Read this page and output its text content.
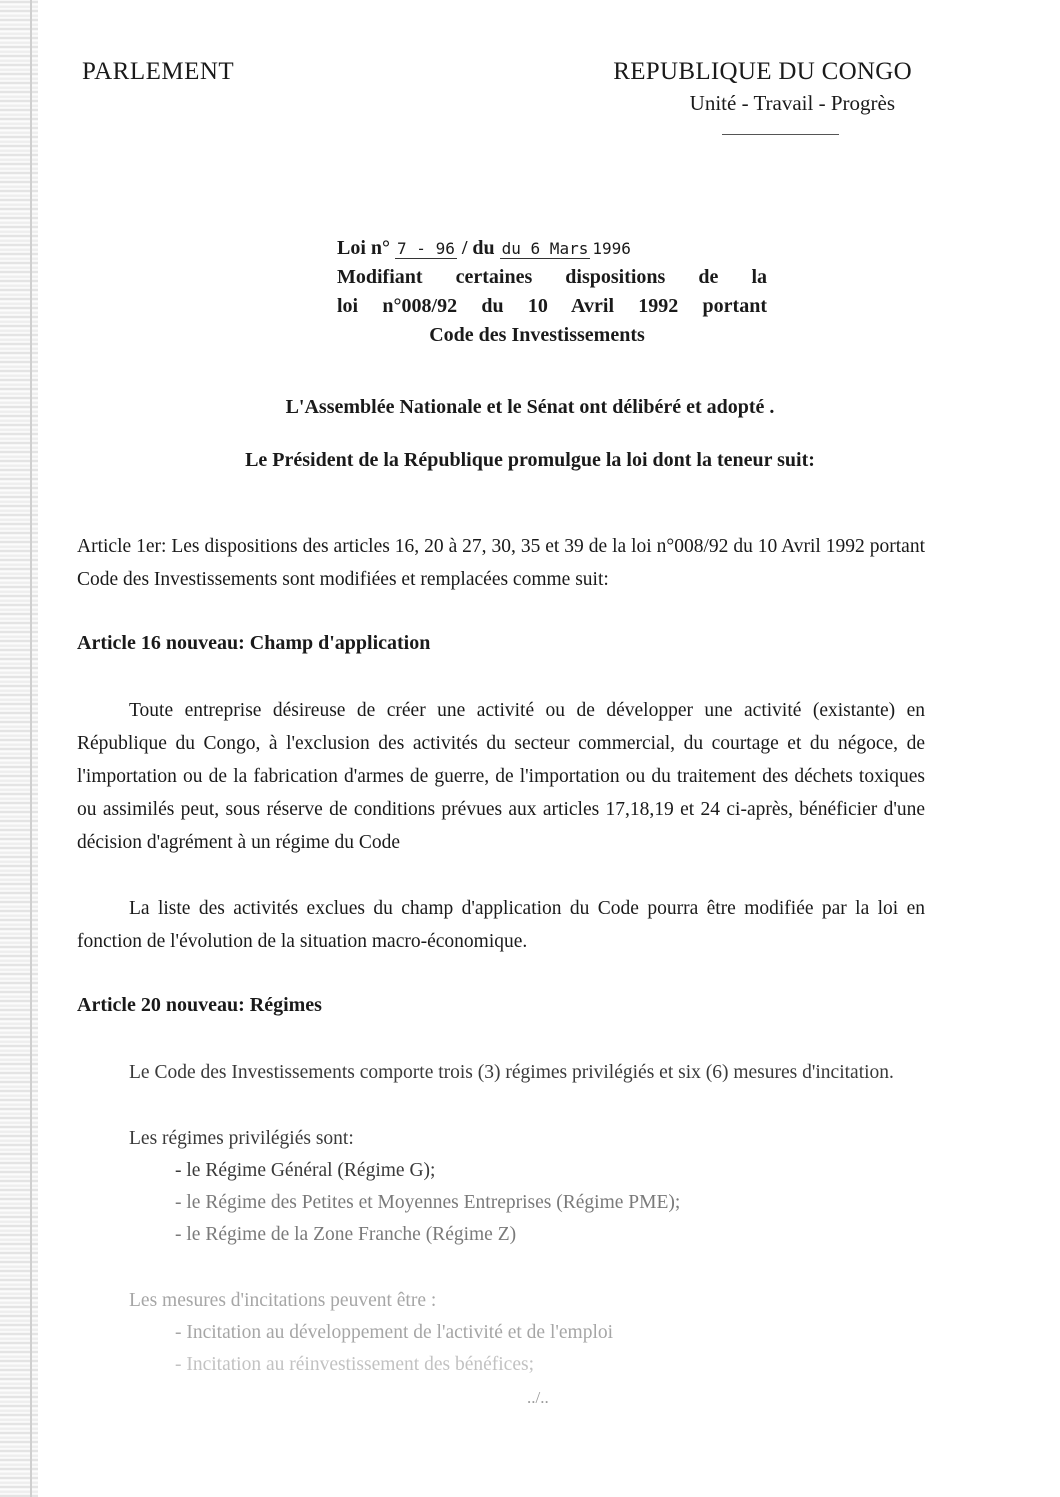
PARLEMENT	REPUBLIQUE DU CONGO
Unité - Travail - Progrès
Loi n° 7 - 96 / du du 6 Mars 1996
Modifiant certaines dispositions de la
loi n°008/92 du 10 Avril 1992 portant
Code des Investissements
L'Assemblée Nationale et le Sénat ont délibéré et adopté .
Le Président de la République promulgue la loi dont la teneur suit:
Article 1er: Les dispositions des articles 16, 20 à 27, 30, 35 et 39 de la loi n°008/92 du 10 Avril 1992 portant Code des Investissements sont modifiées et remplacées comme suit:
Article 16 nouveau: Champ d'application
Toute entreprise désireuse de créer une activité ou de développer une activité (existante) en République du Congo, à l'exclusion des activités du secteur commercial, du courtage et du négoce, de l'importation ou de la fabrication d'armes de guerre, de l'importation ou du traitement des déchets toxiques ou assimilés peut, sous réserve de conditions prévues aux articles 17,18,19 et 24 ci-après, bénéficier d'une décision d'agrément à un régime du Code
La liste des activités exclues du champ d'application du Code pourra être modifiée par la loi en fonction de l'évolution de la situation macro-économique.
Article 20 nouveau: Régimes
Le Code des Investissements comporte trois (3) régimes privilégiés et six (6) mesures d'incitation.
Les régimes privilégiés sont:
- le Régime Général (Régime G);
- le Régime des Petites et Moyennes Entreprises (Régime PME);
- le Régime de la Zone Franche (Régime Z)
Les mesures d'incitations peuvent être :
- Incitation au développement de l'activité et de l'emploi
- Incitation au réinvestissement des bénéfices;
../..
